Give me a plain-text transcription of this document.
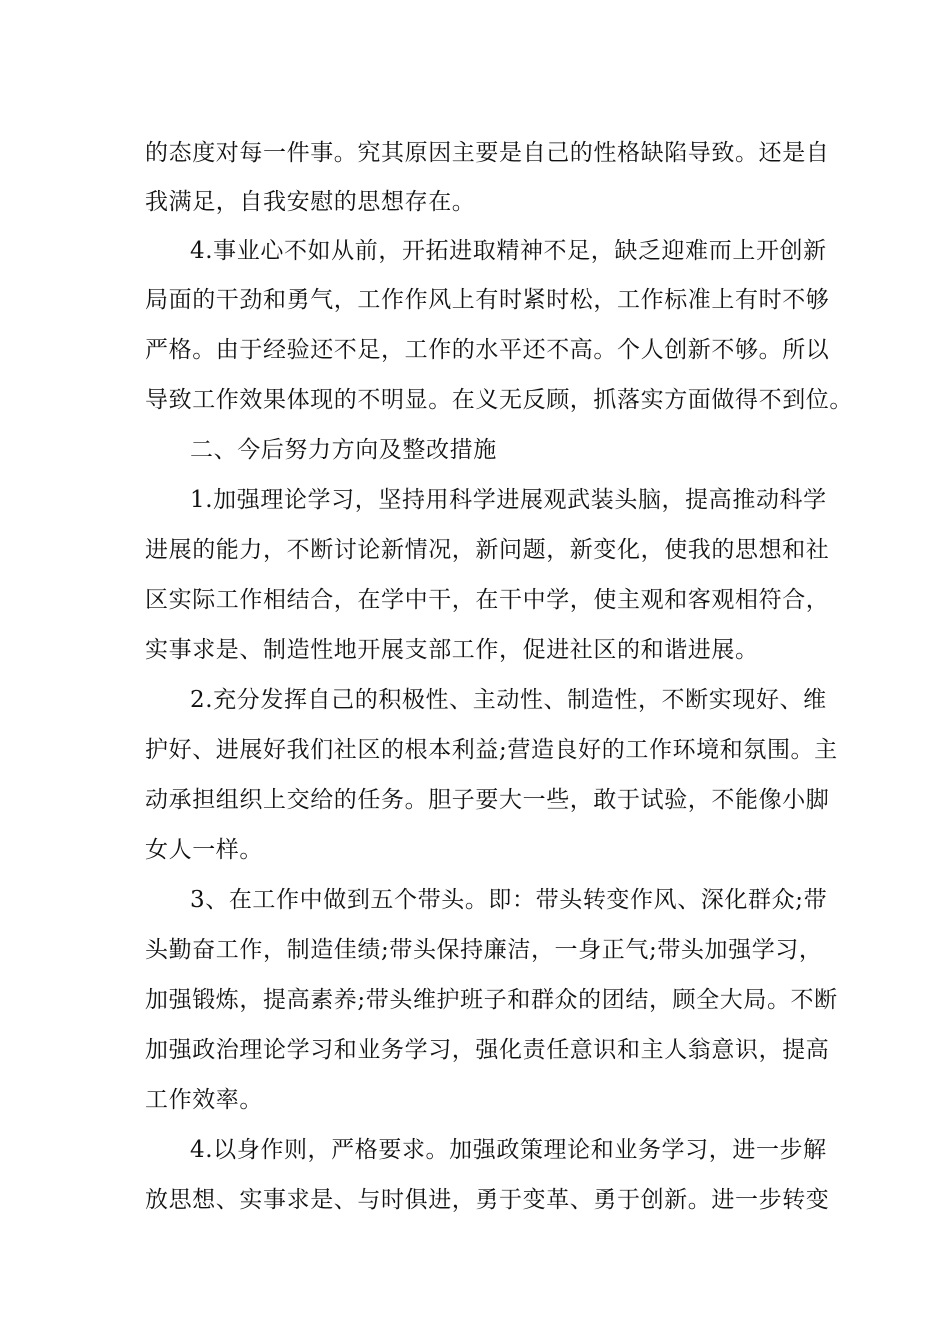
的态度对每一件事。究其原因主要是自己的性格缺陷导致。还是自
我满足，自我安慰的思想存在。
4.事业心不如从前，开拓进取精神不足，缺乏迎难而上开创新
局面的干劲和勇气，工作作风上有时紧时松，工作标准上有时不够
严格。由于经验还不足，工作的水平还不高。个人创新不够。所以
导致工作效果体现的不明显。在义无反顾，抓落实方面做得不到位。
二、今后努力方向及整改措施
1.加强理论学习，坚持用科学进展观武装头脑，提高推动科学
进展的能力，不断讨论新情况，新问题，新变化，使我的思想和社
区实际工作相结合，在学中干，在干中学，使主观和客观相符合，
实事求是、制造性地开展支部工作，促进社区的和谐进展。
2.充分发挥自己的积极性、主动性、制造性，不断实现好、维
护好、进展好我们社区的根本利益;营造良好的工作环境和氛围。主
动承担组织上交给的任务。胆子要大一些，敢于试验，不能像小脚
女人一样。
3、在工作中做到五个带头。即：带头转变作风、深化群众;带
头勤奋工作，制造佳绩;带头保持廉洁，一身正气;带头加强学习，
加强锻炼，提高素养;带头维护班子和群众的团结，顾全大局。不断
加强政治理论学习和业务学习，强化责任意识和主人翁意识，提高
工作效率。
4.以身作则，严格要求。加强政策理论和业务学习，进一步解
放思想、实事求是、与时俱进，勇于变革、勇于创新。进一步转变
